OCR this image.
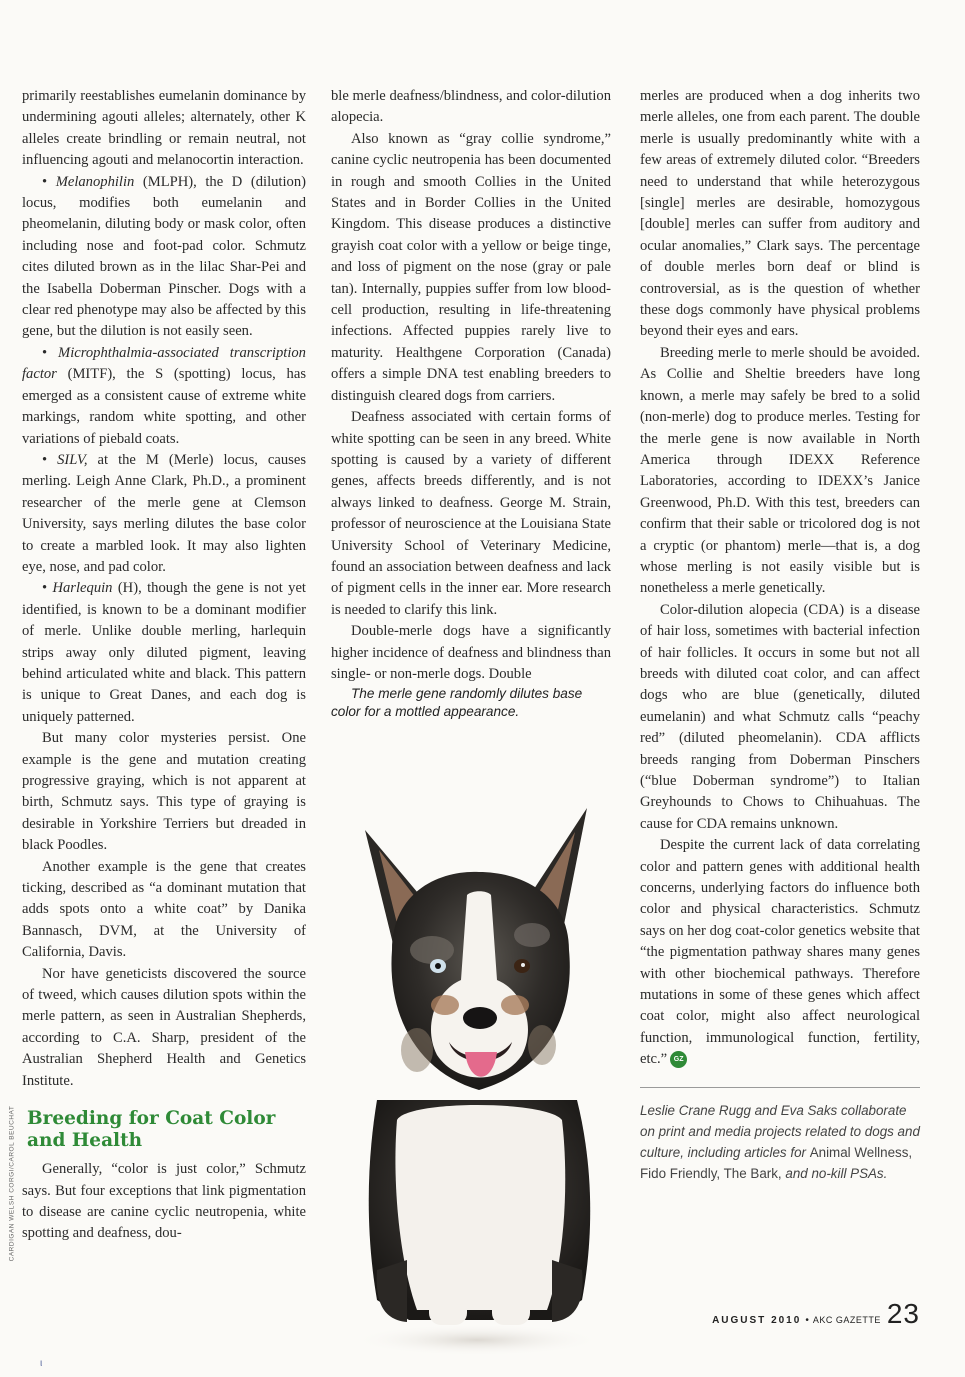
primarily reestablishes eumelanin dominance by undermining agouti alleles; alternately, other K alleles create brindling or remain neutral, not influencing agouti and melanocortin interaction.

• Melanophilin (MLPH), the D (dilution) locus, modifies both eumelanin and pheomelanin, diluting body or mask color, often including nose and foot-pad color. Schmutz cites diluted brown as in the lilac Shar-Pei and the Isabella Doberman Pinscher. Dogs with a clear red phenotype may also be affected by this gene, but the dilution is not easily seen.

• Microphthalmia-associated transcription factor (MITF), the S (spotting) locus, has emerged as a consistent cause of extreme white markings, random white spotting, and other variations of piebald coats.

• SILV, at the M (Merle) locus, causes merling. Leigh Anne Clark, Ph.D., a prominent researcher of the merle gene at Clemson University, says merling dilutes the base color to create a marbled look. It may also lighten eye, nose, and pad color.

• Harlequin (H), though the gene is not yet identified, is known to be a dominant modifier of merle. Unlike double merling, harlequin strips away only diluted pigment, leaving behind articulated white and black. This pattern is unique to Great Danes, and each dog is uniquely patterned.

But many color mysteries persist. One example is the gene and mutation creating progressive graying, which is not apparent at birth, Schmutz says. This type of graying is desirable in Yorkshire Terriers but dreaded in black Poodles.

Another example is the gene that creates ticking, described as “a dominant mutation that adds spots onto a white coat” by Danika Bannasch, DVM, at the University of California, Davis.

Nor have geneticists discovered the source of tweed, which causes dilution spots within the merle pattern, as seen in Australian Shepherds, according to C.A. Sharp, president of the Australian Shepherd Health and Genetics Institute.

Breeding for Coat Color and Health

Generally, “color is just color,” Schmutz says. But four exceptions that link pigmentation to disease are canine cyclic neutropenia, white spotting and deafness, dou-

ble merle deafness/blindness, and color-dilution alopecia.

Also known as “gray collie syndrome,” canine cyclic neutropenia has been documented in rough and smooth Collies in the United States and in Border Collies in the United Kingdom. This disease produces a distinctive grayish coat color with a yellow or beige tinge, and loss of pigment on the nose (gray or pale tan). Internally, puppies suffer from low blood-cell production, resulting in life-threatening infections. Affected puppies rarely live to maturity. Healthgene Corporation (Canada) offers a simple DNA test enabling breeders to distinguish cleared dogs from carriers.

Deafness associated with certain forms of white spotting can be seen in any breed. White spotting is caused by a variety of different genes, affects breeds differently, and is not always linked to deafness. George M. Strain, professor of neuroscience at the Louisiana State University School of Veterinary Medicine, found an association between deafness and lack of pigment cells in the inner ear. More research is needed to clarify this link.

Double-merle dogs have a significantly higher incidence of deafness and blindness than single- or non-merle dogs. Double

The merle gene randomly dilutes base color for a mottled appearance.

merles are produced when a dog inherits two merle alleles, one from each parent. The double merle is usually predominantly white with a few areas of extremely diluted color. “Breeders need to understand that while heterozygous [single] merles are desirable, homozygous [double] merles can suffer from auditory and ocular anomalies,” Clark says. The percentage of double merles born deaf or blind is controversial, as is the question of whether these dogs commonly have physical problems beyond their eyes and ears.

Breeding merle to merle should be avoided. As Collie and Sheltie breeders have long known, a merle may safely be bred to a solid (non-merle) dog to produce merles. Testing for the merle gene is now available in North America through IDEXX Reference Laboratories, according to IDEXX’s Janice Greenwood, Ph.D. With this test, breeders can confirm that their sable or tricolored dog is not a cryptic (or phantom) merle—that is, a dog whose merling is not easily visible but is nonetheless a merle genetically.

Color-dilution alopecia (CDA) is a disease of hair loss, sometimes with bacterial infection of hair follicles. It occurs in some but not all breeds with diluted coat color, and can affect dogs who are blue (genetically, diluted eumelanin) and what Schmutz calls “peachy red” (diluted pheomelanin). CDA afflicts breeds ranging from Doberman Pinschers (“blue Doberman syndrome”) to Italian Greyhounds to Chows to Chihuahuas. The cause for CDA remains unknown.

Despite the current lack of data correlating color and pattern genes with additional health concerns, underlying factors do influence both color and physical characteristics. Schmutz says on her dog coat-color genetics website that “the pigmentation pathway shares many genes with other biochemical pathways. Therefore mutations in some of these genes which affect coat color, might also affect neurological function, immunological function, fertility, etc.” GZ

Leslie Crane Rugg and Eva Saks collaborate on print and media projects related to dogs and culture, including articles for Animal Wellness, Fido Friendly, The Bark, and no-kill PSAs.
CARDIGAN WELSH CORGI/CAROL BEUCHAT
AUGUST 2010 • AKC GAZETTE 23
ι
